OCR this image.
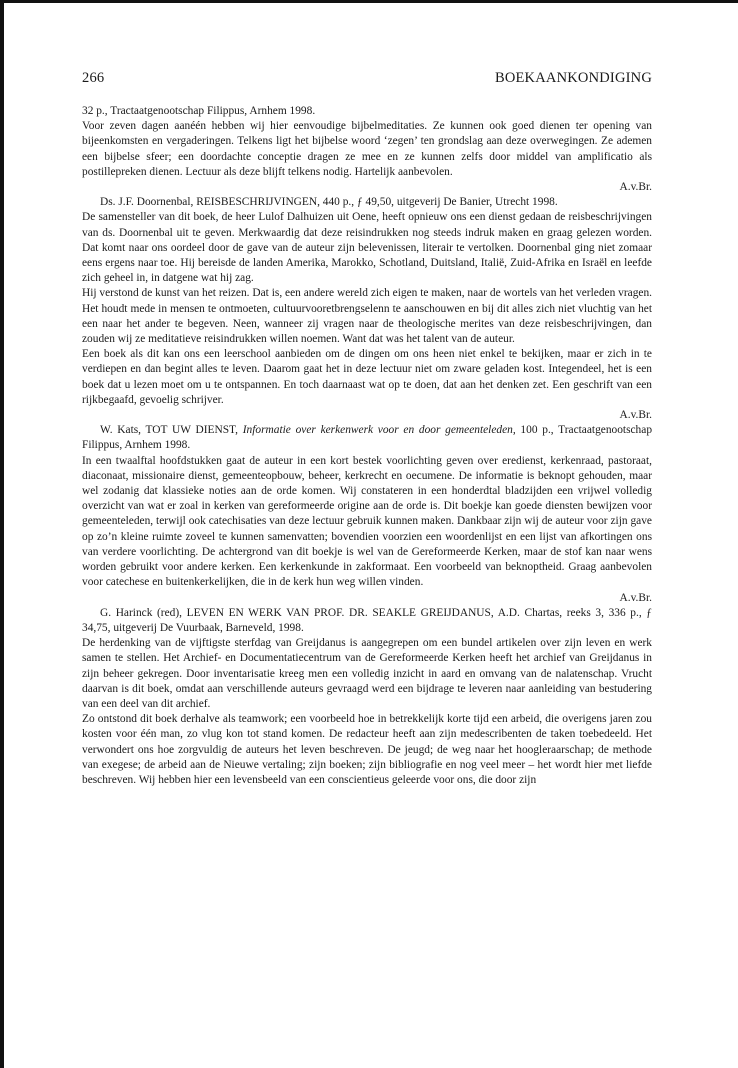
266	BOEKAANKONDIGING

32 p., Tractaatgenootschap Filippus, Arnhem 1998.

Voor zeven dagen aanéén hebben wij hier eenvoudige bijbelmeditaties. Ze kunnen ook goed dienen ter opening van bijeenkomsten en vergaderingen. Telkens ligt het bijbelse woord ‘zegen’ ten grondslag aan deze overwegingen. Ze ademen een bijbelse sfeer; een doordachte conceptie dragen ze mee en ze kunnen zelfs door middel van amplificatio als postillepreken dienen. Lectuur als deze blijft telkens nodig. Hartelijk aanbevolen.

A.v.Br.

Ds. J.F. Doornenbal, REISBESCHRIJVINGEN, 440 p., ƒ 49,50, uitgeverij De Banier, Utrecht 1998.

De samensteller van dit boek, de heer Lulof Dalhuizen uit Oene, heeft opnieuw ons een dienst gedaan de reisbeschrijvingen van ds. Doornenbal uit te geven. Merkwaardig dat deze reisindrukken nog steeds indruk maken en graag gelezen worden. Dat komt naar ons oordeel door de gave van de auteur zijn belevenissen, literair te vertolken. Doornenbal ging niet zomaar eens ergens naar toe. Hij bereisde de landen Amerika, Marokko, Schotland, Duitsland, Italië, Zuid-Afrika en Israël en leefde zich geheel in, in datgene wat hij zag.

Hij verstond de kunst van het reizen. Dat is, een andere wereld zich eigen te maken, naar de wortels van het verleden vragen. Het houdt mede in mensen te ontmoeten, cultuurvooretbrengselenn te aanschouwen en bij dit alles zich niet vluchtig van het een naar het ander te begeven. Neen, wanneer zij vragen naar de theologische merites van deze reisbeschrijvingen, dan zouden wij ze meditatieve reisindrukken willen noemen. Want dat was het talent van de auteur.

Een boek als dit kan ons een leerschool aanbieden om de dingen om ons heen niet enkel te bekijken, maar er zich in te verdiepen en dan begint alles te leven. Daarom gaat het in deze lectuur niet om zware geladen kost. Integendeel, het is een boek dat u lezen moet om u te ontspannen. En toch daarnaast wat op te doen, dat aan het denken zet. Een geschrift van een rijkbegaafd, gevoelig schrijver.

A.v.Br.

W. Kats, TOT UW DIENST, Informatie over kerkenwerk voor en door gemeenteleden, 100 p., Tractaatgenootschap Filippus, Arnhem 1998.

In een twaalftal hoofdstukken gaat de auteur in een kort bestek voorlichting geven over eredienst, kerkenraad, pastoraat, diaconaat, missionaire dienst, gemeenteopbouw, beheer, kerkrecht en oecumene. De informatie is beknopt gehouden, maar wel zodanig dat klassieke noties aan de orde komen. Wij constateren in een honderdtal bladzijden een vrijwel volledig overzicht van wat er zoal in kerken van gereformeerde origine aan de orde is. Dit boekje kan goede diensten bewijzen voor gemeenteleden, terwijl ook catechisaties van deze lectuur gebruik kunnen maken. Dankbaar zijn wij de auteur voor zijn gave op zo’n kleine ruimte zoveel te kunnen samenvatten; bovendien voorzien een woordenlijst en een lijst van afkortingen ons van verdere voorlichting. De achtergrond van dit boekje is wel van de Gereformeerde Kerken, maar de stof kan naar wens worden gebruikt voor andere kerken. Een kerkenkunde in zakformaat. Een voorbeeld van beknoptheid. Graag aanbevolen voor catechese en buitenkerkelijken, die in de kerk hun weg willen vinden.

A.v.Br.

G. Harinck (red), LEVEN EN WERK VAN PROF. DR. SEAKLE GREIJDANUS, A.D. Chartas, reeks 3, 336 p., ƒ 34,75, uitgeverij De Vuurbaak, Barneveld, 1998.

De herdenking van de vijftigste sterfdag van Greijdanus is aangegrepen om een bundel artikelen over zijn leven en werk samen te stellen. Het Archief- en Documentatiecentrum van de Gereformeerde Kerken heeft het archief van Greijdanus in zijn beheer gekregen. Door inventarisatie kreeg men een volledig inzicht in aard en omvang van de nalatenschap. Vrucht daarvan is dit boek, omdat aan verschillende auteurs gevraagd werd een bijdrage te leveren naar aanleiding van bestudering van een deel van dit archief.

Zo ontstond dit boek derhalve als teamwork; een voorbeeld hoe in betrekkelijk korte tijd een arbeid, die overigens jaren zou kosten voor één man, zo vlug kon tot stand komen. De redacteur heeft aan zijn medescribenten de taken toebedeeld. Het verwondert ons hoe zorgvuldig de auteurs het leven beschreven. De jeugd; de weg naar het hoogleraarschap; de methode van exegese; de arbeid aan de Nieuwe vertaling; zijn boeken; zijn bibliografie en nog veel meer – het wordt hier met liefde beschreven. Wij hebben hier een levensbeeld van een conscientieus geleerde voor ons, die door zijn
